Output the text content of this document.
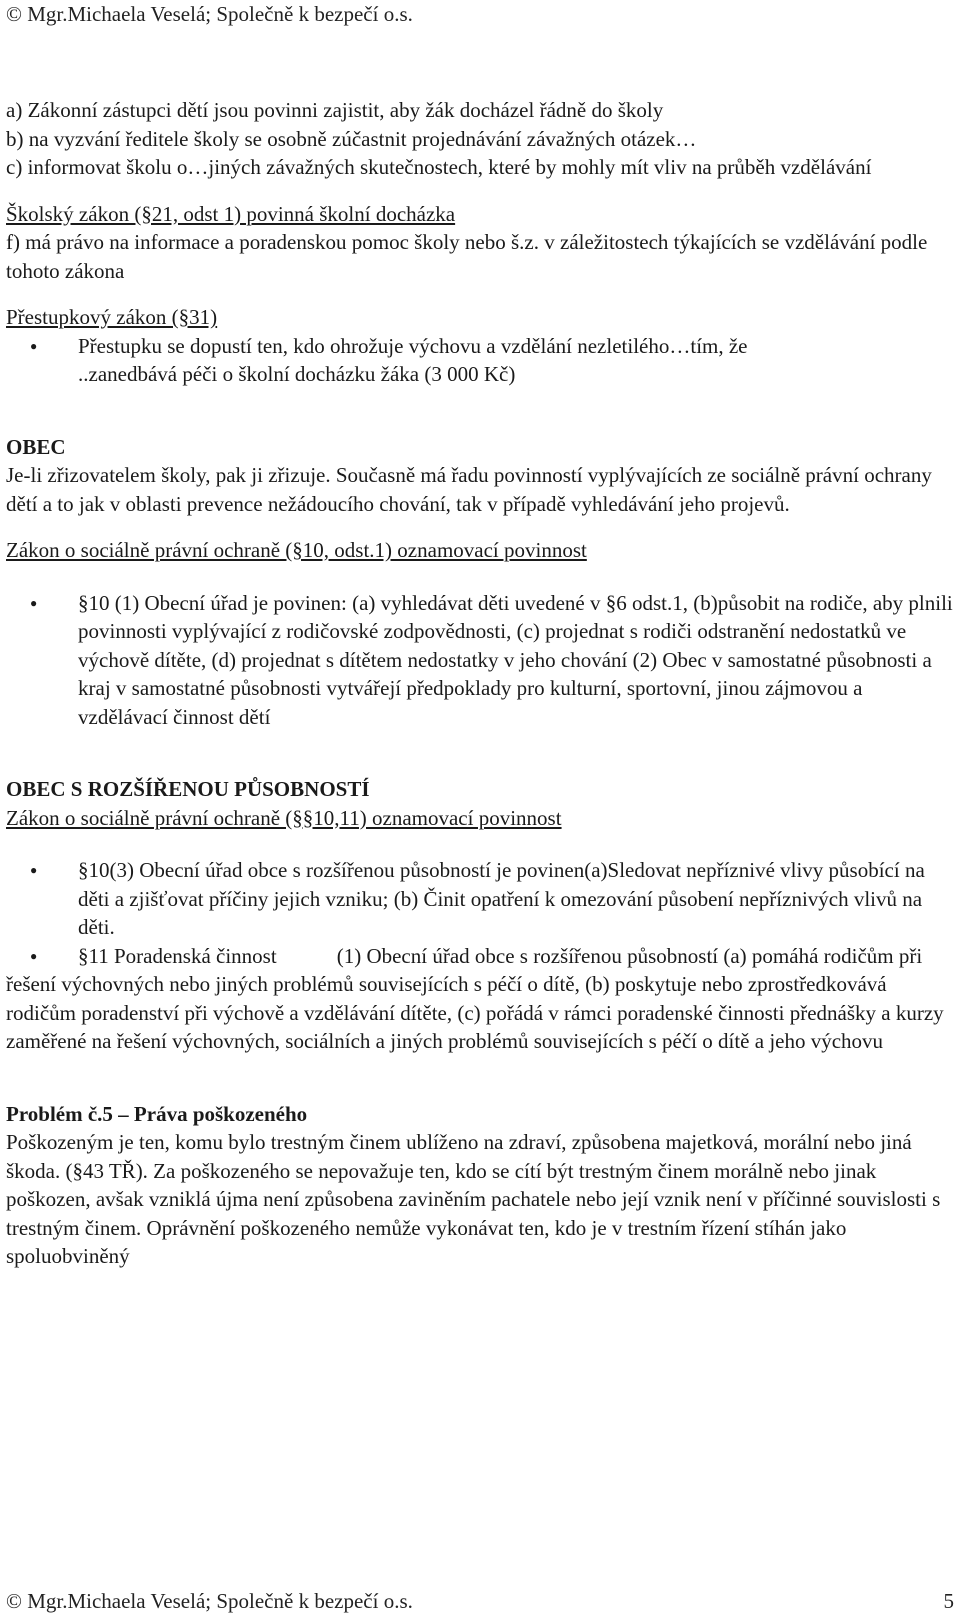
© Mgr.Michaela Veselá; Společně k bezpečí o.s.

a) Zákonní zástupci dětí jsou povinni zajistit, aby žák docházel řádně do školy

b) na vyzvání ředitele školy se osobně zúčastnit projednávání závažných otázek…

c) informovat školu o…jiných závažných skutečnostech, které by mohly mít vliv na průběh vzdělávání

Školský zákon (§21, odst 1) povinná školní docházka

f) má právo na informace a poradenskou pomoc školy nebo š.z. v záležitostech týkajících se vzdělávání podle tohoto zákona

Přestupkový zákon (§31)

● Přestupku se dopustí ten, kdo ohrožuje výchovu a vzdělání nezletilého…tím, že

..zanedbává péči o školní docházku žáka (3 000 Kč)

OBEC

Je-li zřizovatelem školy, pak ji zřizuje. Současně má řadu povinností vyplývajících ze sociálně právní ochrany dětí a to jak v oblasti prevence nežádoucího chování, tak v případě vyhledávání jeho projevů.

Zákon o sociálně právní ochraně (§10, odst.1) oznamovací povinnost

● §10 (1) Obecní úřad je povinen: (a) vyhledávat děti uvedené v §6 odst.1, (b)působit na rodiče, aby plnili povinnosti vyplývající z rodičovské zodpovědnosti, (c) projednat s rodiči odstranění nedostatků ve výchově dítěte, (d) projednat s dítětem nedostatky v jeho chování (2) Obec v samostatné působnosti a kraj v samostatné působnosti vytvářejí předpoklady pro kulturní, sportovní, jinou zájmovou a vzdělávací činnost dětí

OBEC S ROZŠÍŘENOU PŮSOBNOSTÍ

Zákon o sociálně právní ochraně (§§10,11) oznamovací povinnost

● §10(3) Obecní úřad obce s rozšířenou působností je povinen(a)Sledovat nepříznivé vlivy působící na děti a zjišťovat příčiny jejich vzniku; (b) Činit opatření k omezování působení nepříznivých vlivů na děti.

● §11 Poradenská činnost	(1) Obecní úřad obce s rozšířenou působností (a) pomáhá rodičům při řešení výchovných nebo jiných problémů souvisejících s péčí o dítě, (b) poskytuje nebo zprostředkovává rodičům poradenství při výchově a vzdělávání dítěte, (c) pořádá v rámci poradenské činnosti přednášky a kurzy zaměřené na řešení výchovných, sociálních a jiných problémů souvisejících s péčí o dítě a jeho výchovu

Problém č.5 – Práva poškozeného

Poškozeným je ten, komu bylo trestným činem ublíženo na zdraví, způsobena majetková, morální nebo jiná škoda. (§43 TŘ). Za poškozeného se nepovažuje ten, kdo se cítí být trestným činem morálně nebo jinak poškozen, avšak vzniklá újma není způsobena zaviněním pachatele nebo její vznik není v příčinné souvislosti s trestným činem. Oprávnění poškozeného nemůže vykonávat ten, kdo je v trestním řízení stíhán jako spoluobviněný

© Mgr.Michaela Veselá; Společně k bezpečí o.s.	5
